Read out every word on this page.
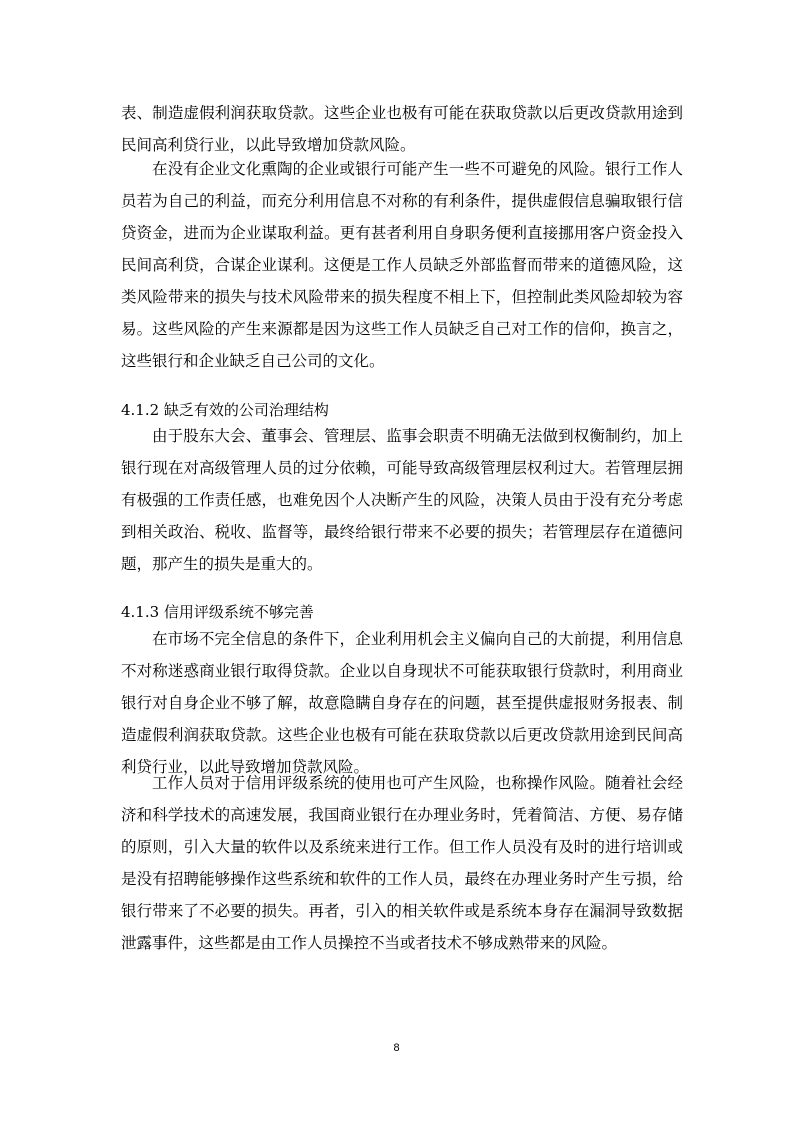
表、制造虚假利润获取贷款。这些企业也极有可能在获取贷款以后更改贷款用途到民间高利贷行业，以此导致增加贷款风险。

在没有企业文化熏陶的企业或银行可能产生一些不可避免的风险。银行工作人员若为自己的利益，而充分利用信息不对称的有利条件，提供虚假信息骗取银行信贷资金，进而为企业谋取利益。更有甚者利用自身职务便利直接挪用客户资金投入民间高利贷，合谋企业谋利。这便是工作人员缺乏外部监督而带来的道德风险，这类风险带来的损失与技术风险带来的损失程度不相上下，但控制此类风险却较为容易。这些风险的产生来源都是因为这些工作人员缺乏自己对工作的信仰，换言之，这些银行和企业缺乏自己公司的文化。

4.1.2 缺乏有效的公司治理结构

由于股东大会、董事会、管理层、监事会职责不明确无法做到权衡制约，加上银行现在对高级管理人员的过分依赖，可能导致高级管理层权利过大。若管理层拥有极强的工作责任感，也难免因个人决断产生的风险，决策人员由于没有充分考虑到相关政治、税收、监督等，最终给银行带来不必要的损失；若管理层存在道德问题，那产生的损失是重大的。

4.1.3 信用评级系统不够完善

在市场不完全信息的条件下，企业利用机会主义偏向自己的大前提，利用信息不对称迷惑商业银行取得贷款。企业以自身现状不可能获取银行贷款时，利用商业银行对自身企业不够了解，故意隐瞒自身存在的问题，甚至提供虚报财务报表、制造虚假利润获取贷款。这些企业也极有可能在获取贷款以后更改贷款用途到民间高利贷行业，以此导致增加贷款风险。

工作人员对于信用评级系统的使用也可产生风险，也称操作风险。随着社会经济和科学技术的高速发展，我国商业银行在办理业务时，凭着简洁、方便、易存储的原则，引入大量的软件以及系统来进行工作。但工作人员没有及时的进行培训或是没有招聘能够操作这些系统和软件的工作人员，最终在办理业务时产生亏损，给银行带来了不必要的损失。再者，引入的相关软件或是系统本身存在漏洞导致数据泄露事件，这些都是由工作人员操控不当或者技术不够成熟带来的风险。

8
